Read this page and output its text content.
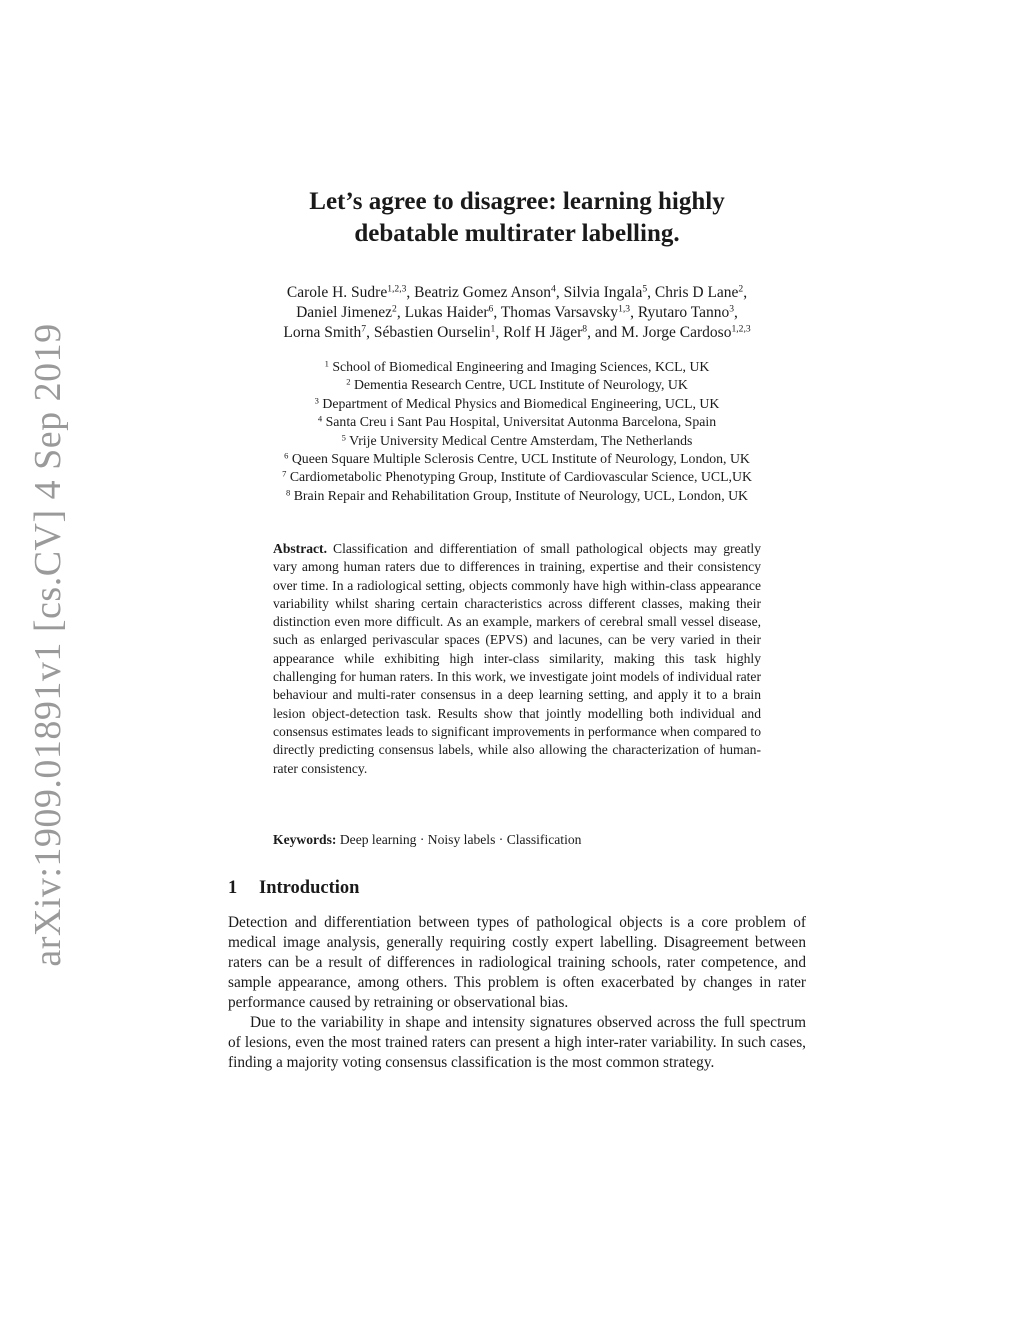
arXiv:1909.01891v1 [cs.CV] 4 Sep 2019
Let’s agree to disagree: learning highly
debatable multirater labelling.
Carole H. Sudre$^{1,2,3}$, Beatriz Gomez Anson$^4$, Silvia Ingala$^5$, Chris D Lane$^2$,
Daniel Jimenez$^2$, Lukas Haider$^6$, Thomas Varsavsky$^{1,3}$, Ryutaro Tanno$^3$,
Lorna Smith$^7$, Sébastien Ourselin$^1$, Rolf H Jäger$^8$, and M. Jorge Cardoso$^{1,2,3}$
$^1$ School of Biomedical Engineering and Imaging Sciences, KCL, UK
$^2$ Dementia Research Centre, UCL Institute of Neurology, UK
$^3$ Department of Medical Physics and Biomedical Engineering, UCL, UK
$^4$ Santa Creu i Sant Pau Hospital, Universitat Autonma Barcelona, Spain
$^5$ Vrije University Medical Centre Amsterdam, The Netherlands
$^6$ Queen Square Multiple Sclerosis Centre, UCL Institute of Neurology, London, UK
$^7$ Cardiometabolic Phenotyping Group, Institute of Cardiovascular Science, UCL,UK
$^8$ Brain Repair and Rehabilitation Group, Institute of Neurology, UCL, London, UK
Abstract. Classification and differentiation of small pathological objects may greatly vary among human raters due to differences in training, expertise and their consistency over time. In a radiological setting, objects commonly have high within-class appearance variability whilst sharing certain characteristics across different classes, making their distinction even more difficult. As an example, markers of cerebral small vessel disease, such as enlarged perivascular spaces (EPVS) and lacunes, can be very varied in their appearance while exhibiting high inter-class similarity, making this task highly challenging for human raters. In this work, we investigate joint models of individual rater behaviour and multi-rater consensus in a deep learning setting, and apply it to a brain lesion object-detection task. Results show that jointly modelling both individual and consensus estimates leads to significant improvements in performance when compared to directly predicting consensus labels, while also allowing the characterization of human-rater consistency.
Keywords: Deep learning · Noisy labels · Classification
1 Introduction

Detection and differentiation between types of pathological objects is a core problem of medical image analysis, generally requiring costly expert labelling. Disagreement between raters can be a result of differences in radiological training schools, rater competence, and sample appearance, among others. This problem is often exacerbated by changes in rater performance caused by retraining or observational bias.

Due to the variability in shape and intensity signatures observed across the full spectrum of lesions, even the most trained raters can present a high inter-rater variability. In such cases, finding a majority voting consensus classification is the most common strategy.
